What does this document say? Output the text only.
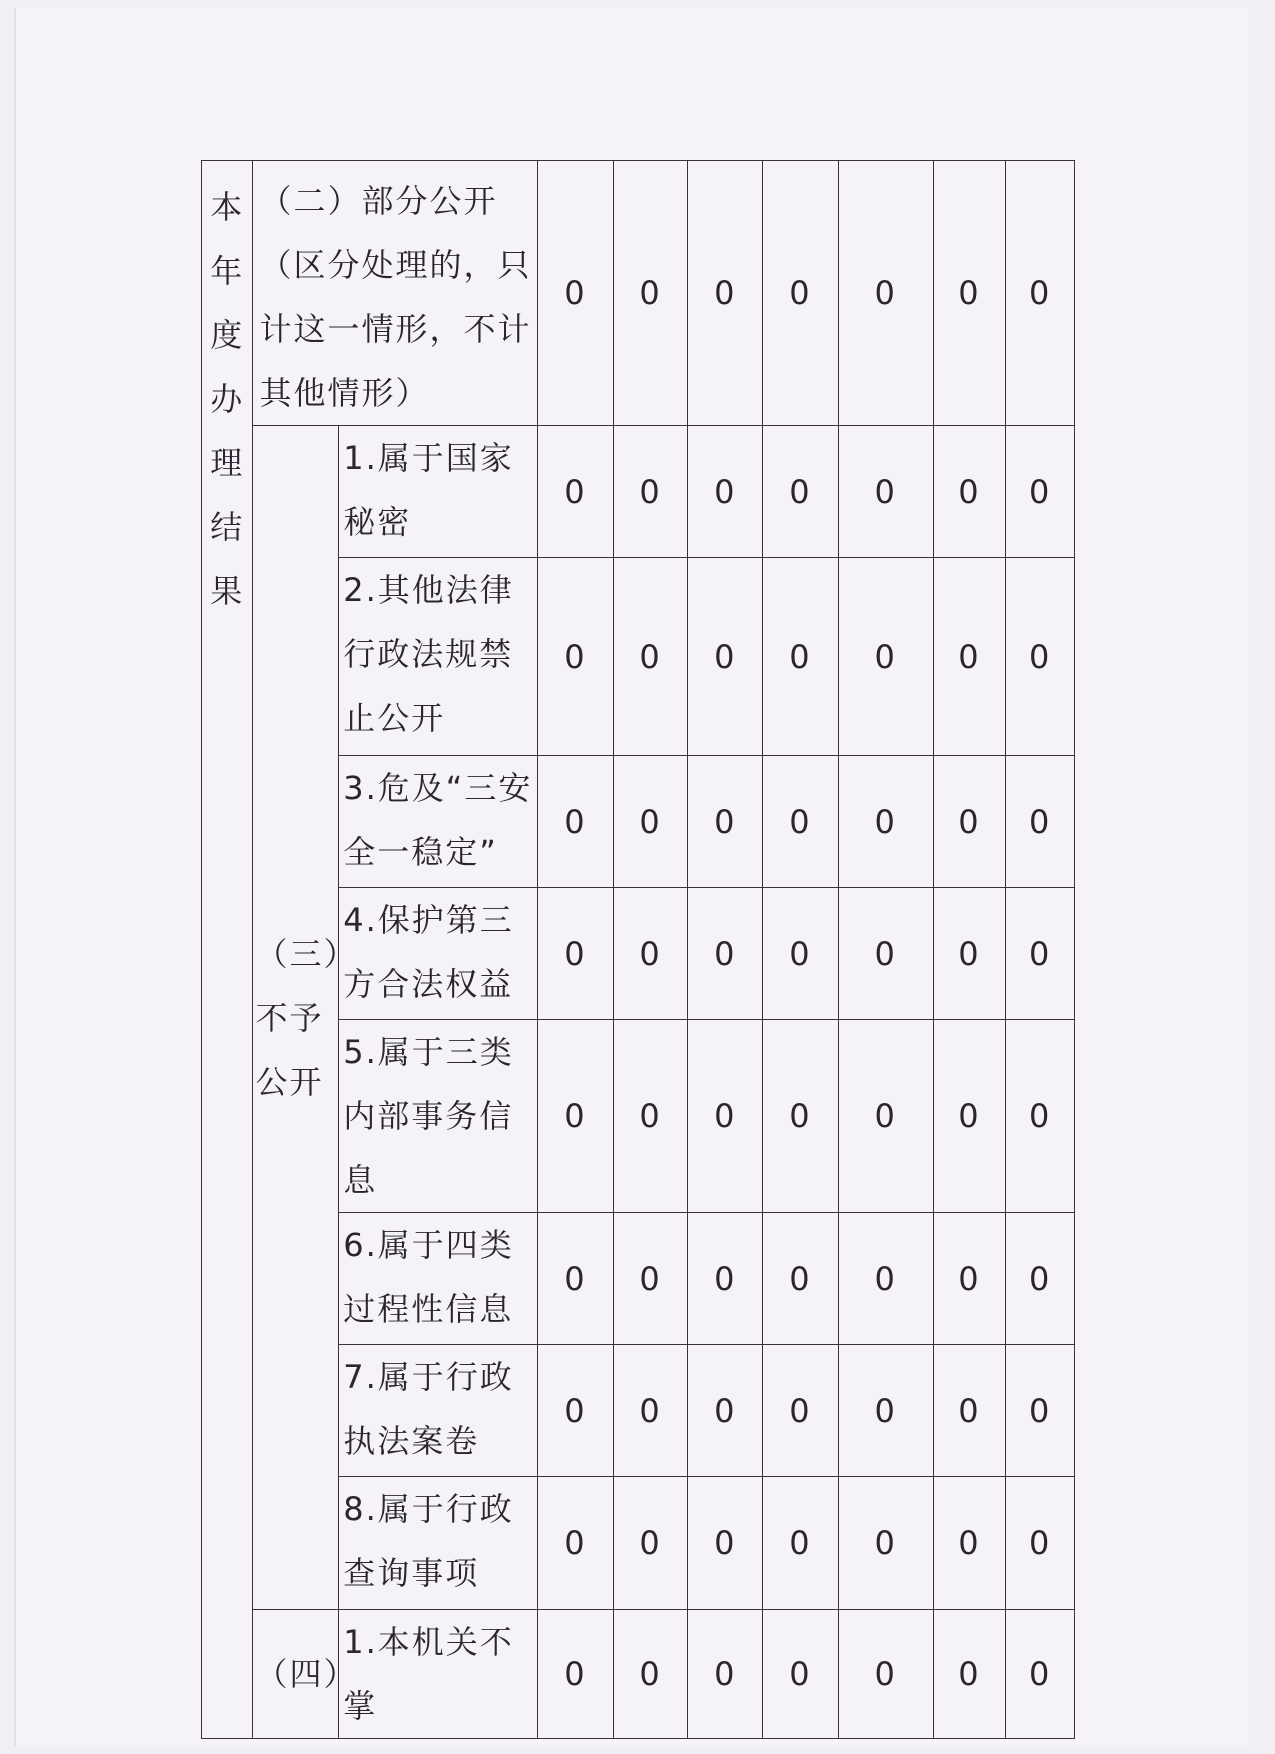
本年度办理结果	（二）部分公开（区分处理的，只计这一情形，不计其他情形）		0	0	0	0	0	0	0
	（三）不予公开	1.属于国家秘密	0	0	0	0	0	0	0
		2.其他法律行政法规禁止公开	0	0	0	0	0	0	0
		3.危及“三安全一稳定”	0	0	0	0	0	0	0
		4.保护第三方合法权益	0	0	0	0	0	0	0
		5.属于三类内部事务信息	0	0	0	0	0	0	0
		6.属于四类过程性信息	0	0	0	0	0	0	0
		7.属于行政执法案卷	0	0	0	0	0	0	0
		8.属于行政查询事项	0	0	0	0	0	0	0
	（四）	1.本机关不掌	0	0	0	0	0	0	0
